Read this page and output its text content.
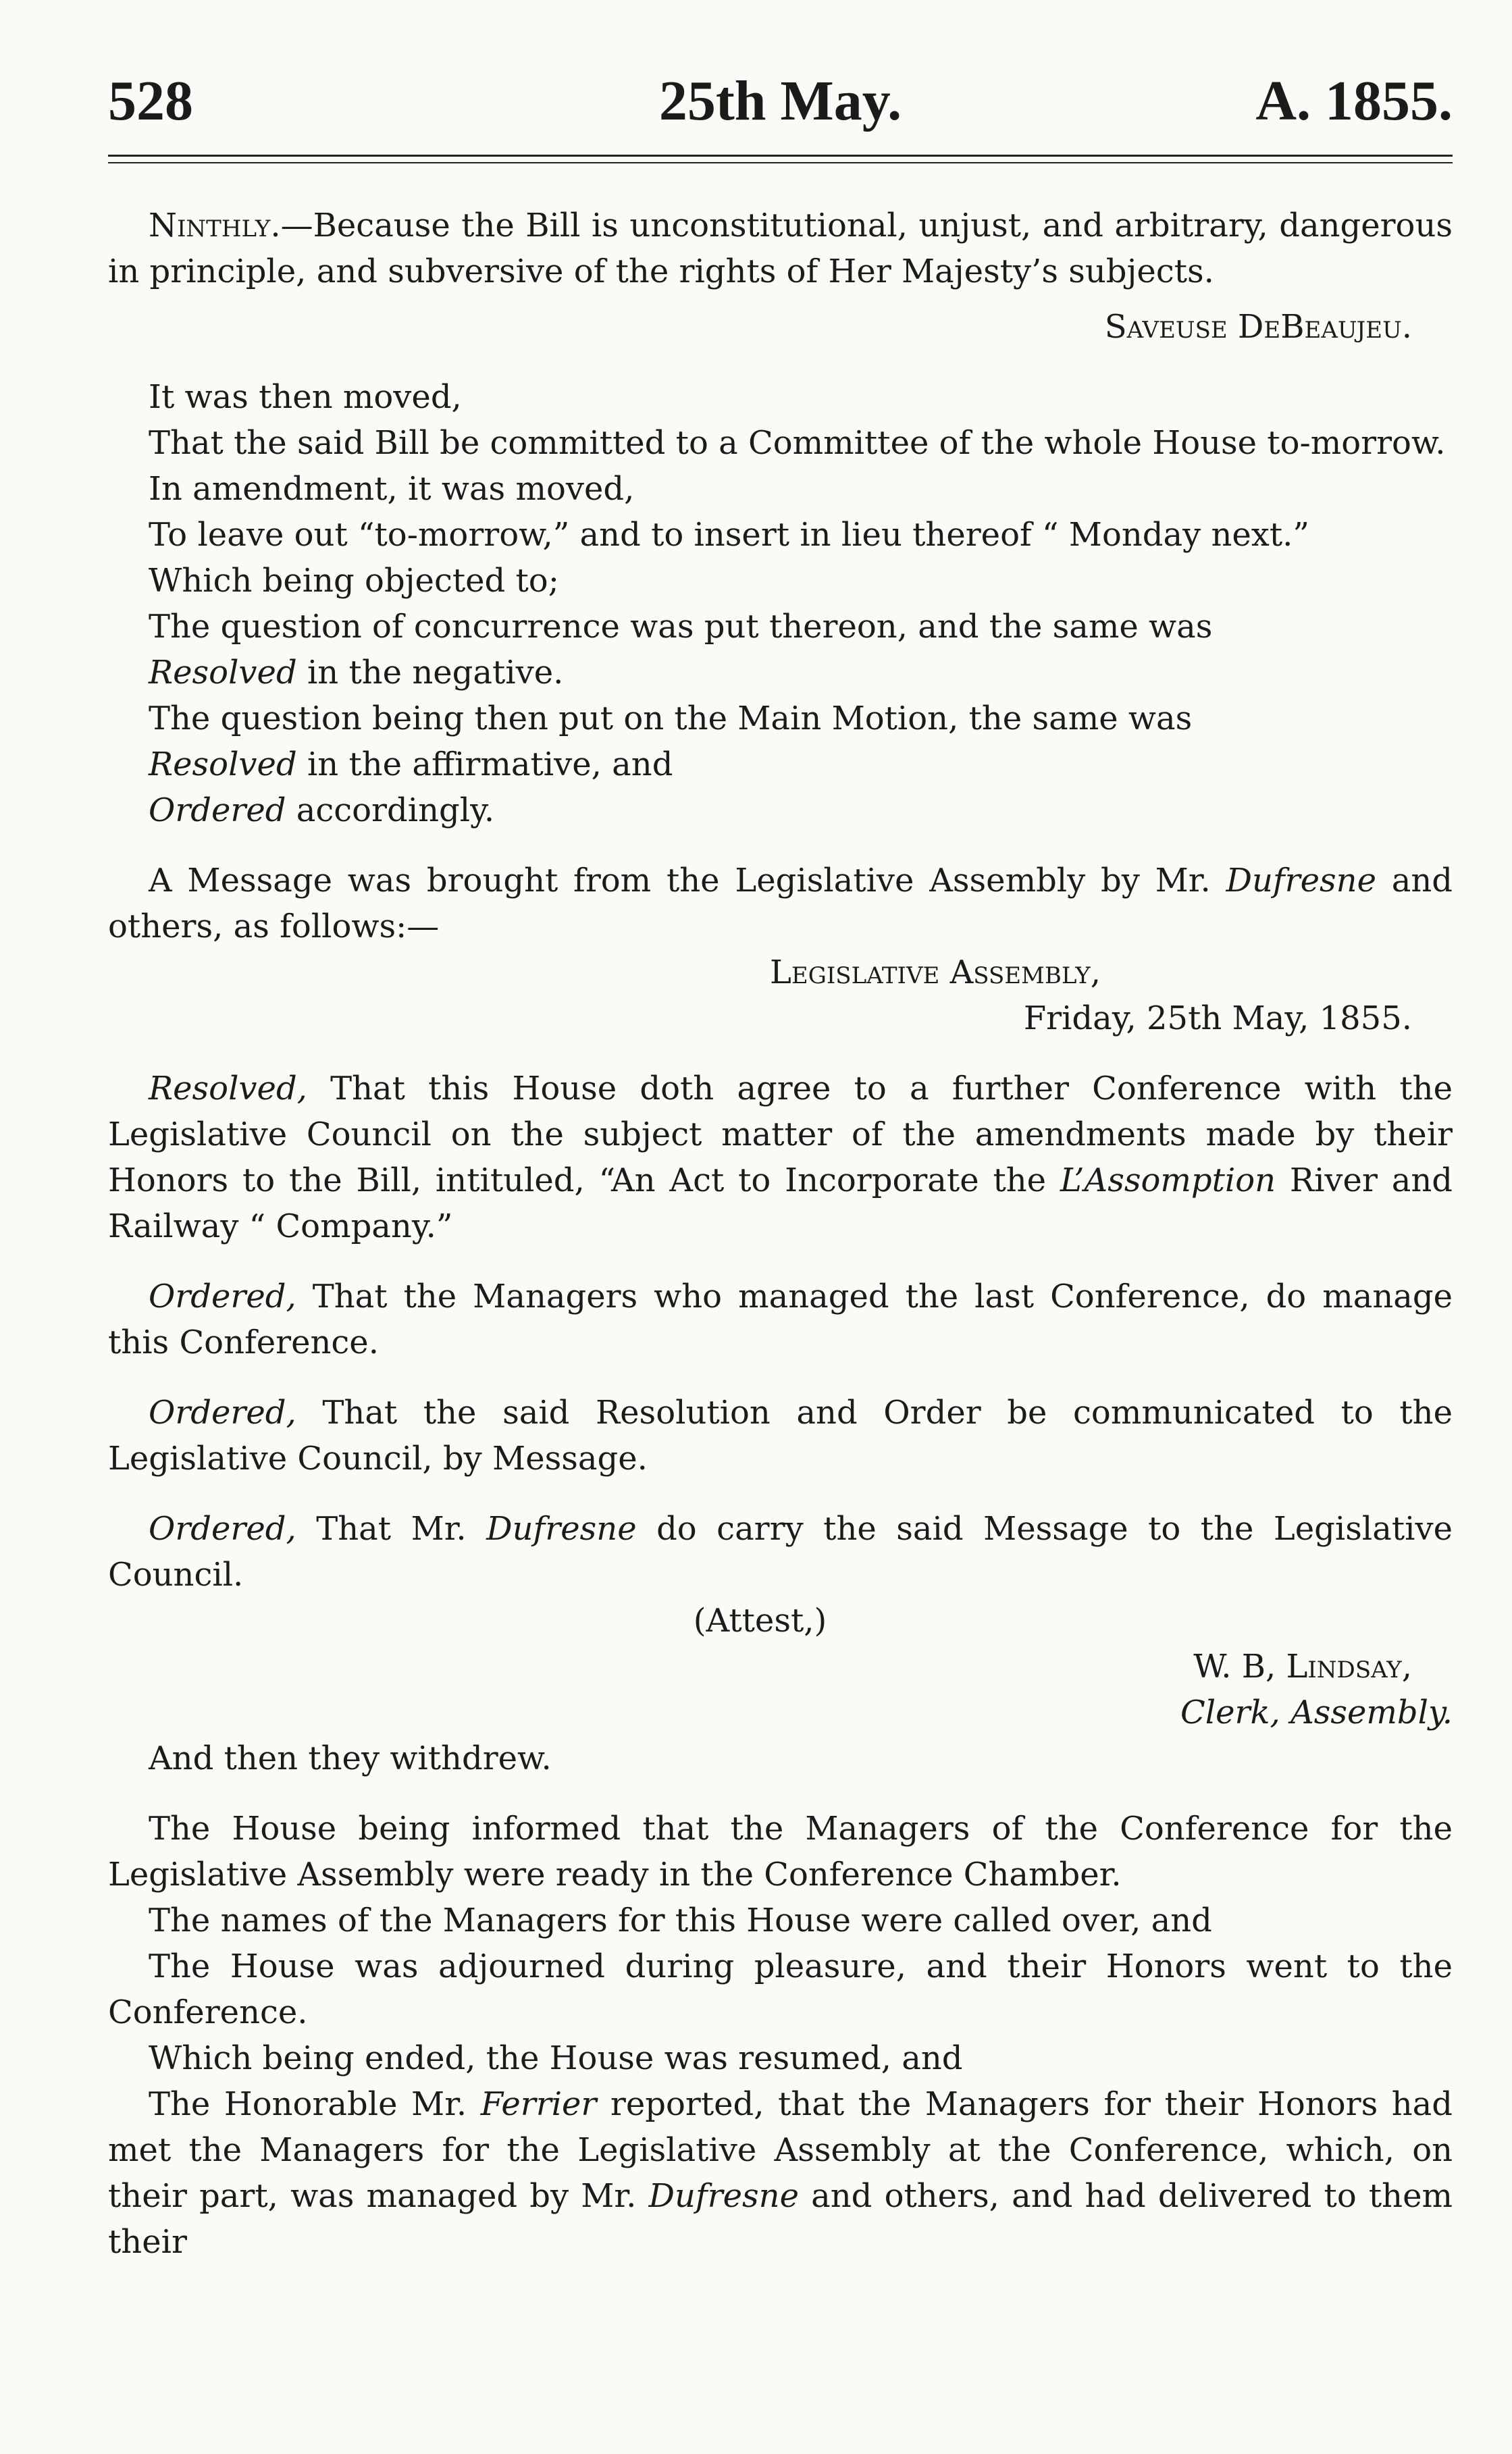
528	25th May.	A. 1855.

Ninthly.—Because the Bill is unconstitutional, unjust, and arbitrary, dangerous in principle, and subversive of the rights of Her Majesty’s subjects.

Saveuse DeBeaujeu.

It was then moved,

That the said Bill be committed to a Committee of the whole House to-morrow.

In amendment, it was moved,

To leave out “to-morrow,” and to insert in lieu thereof “ Monday next.”

Which being objected to;

The question of concurrence was put thereon, and the same was

Resolved in the negative.

The question being then put on the Main Motion, the same was

Resolved in the affirmative, and

Ordered accordingly.

A Message was brought from the Legislative Assembly by Mr. Dufresne and others, as follows:—

Legislative Assembly,

Friday, 25th May, 1855.

Resolved, That this House doth agree to a further Conference with the Legislative Council on the subject matter of the amendments made by their Honors to the Bill, intituled, “An Act to Incorporate the L’Assomption River and Railway “ Company.”

Ordered, That the Managers who managed the last Conference, do manage this Conference.

Ordered, That the said Resolution and Order be communicated to the Legislative Council, by Message.

Ordered, That Mr. Dufresne do carry the said Message to the Legislative Council.

(Attest,)

W. B, Lindsay,

Clerk, Assembly.

And then they withdrew.

The House being informed that the Managers of the Conference for the Legislative Assembly were ready in the Conference Chamber.

The names of the Managers for this House were called over, and

The House was adjourned during pleasure, and their Honors went to the Conference.

Which being ended, the House was resumed, and

The Honorable Mr. Ferrier reported, that the Managers for their Honors had met the Managers for the Legislative Assembly at the Conference, which, on their part, was managed by Mr. Dufresne and others, and had delivered to them their
